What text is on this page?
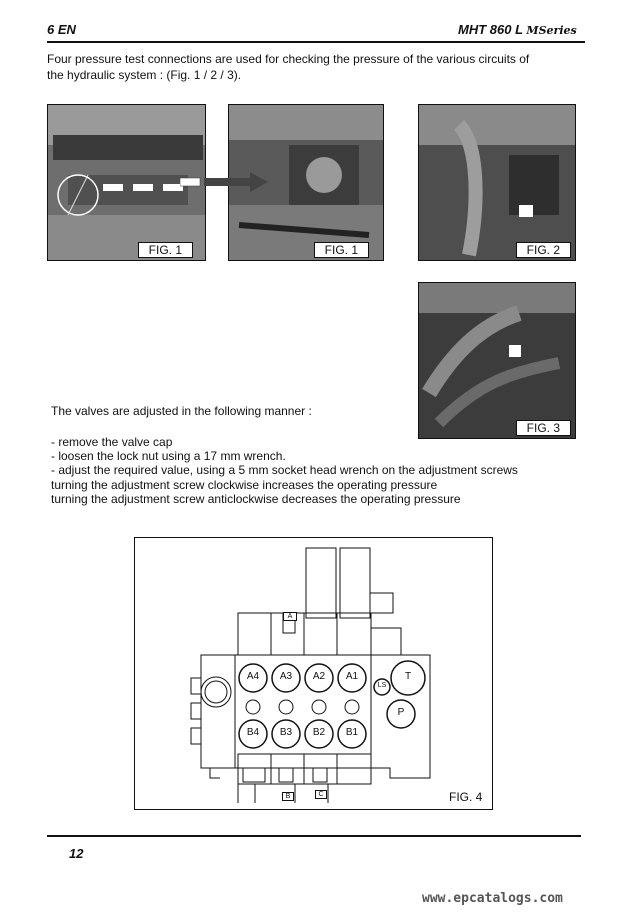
6 EN	MHT 860 L MSeries
Four pressure test connections are used for checking the pressure of the various circuits of
the hydraulic system : (Fig. 1 / 2 / 3).
FIG. 1	FIG. 1	FIG. 2
FIG. 3
The valves are adjusted in the following manner :
- remove the valve cap
- loosen the lock nut using a 17 mm wrench.
- adjust the required value, using a 5 mm socket head wrench on the adjustment screws
turning the adjustment screw clockwise increases the operating pressure
turning the adjustment screw anticlockwise decreases the operating pressure
A4	A3	A2	A1
B4	B3	B2	B1
T
P
LS
A
B	C	FIG. 4
12
www.epcatalogs.com
